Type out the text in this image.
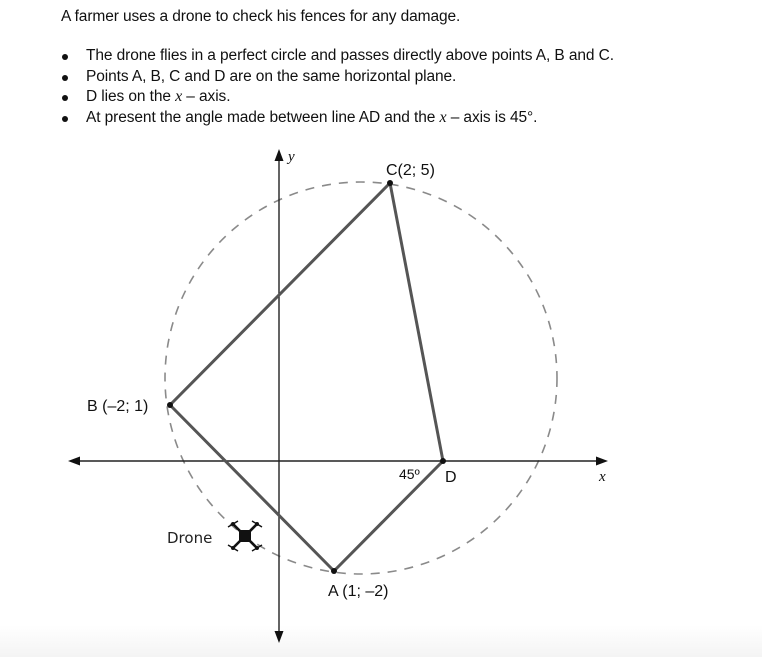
A farmer uses a drone to check his fences for any damage.
The drone flies in a perfect circle and passes directly above points A, B and C.
Points A, B, C and D are on the same horizontal plane.
D lies on the x – axis.
At present the angle made between line AD and the x – axis is 45°.
y
x
C(2; 5)
B (–2; 1)
D
A (1; –2)
45º
Drone
